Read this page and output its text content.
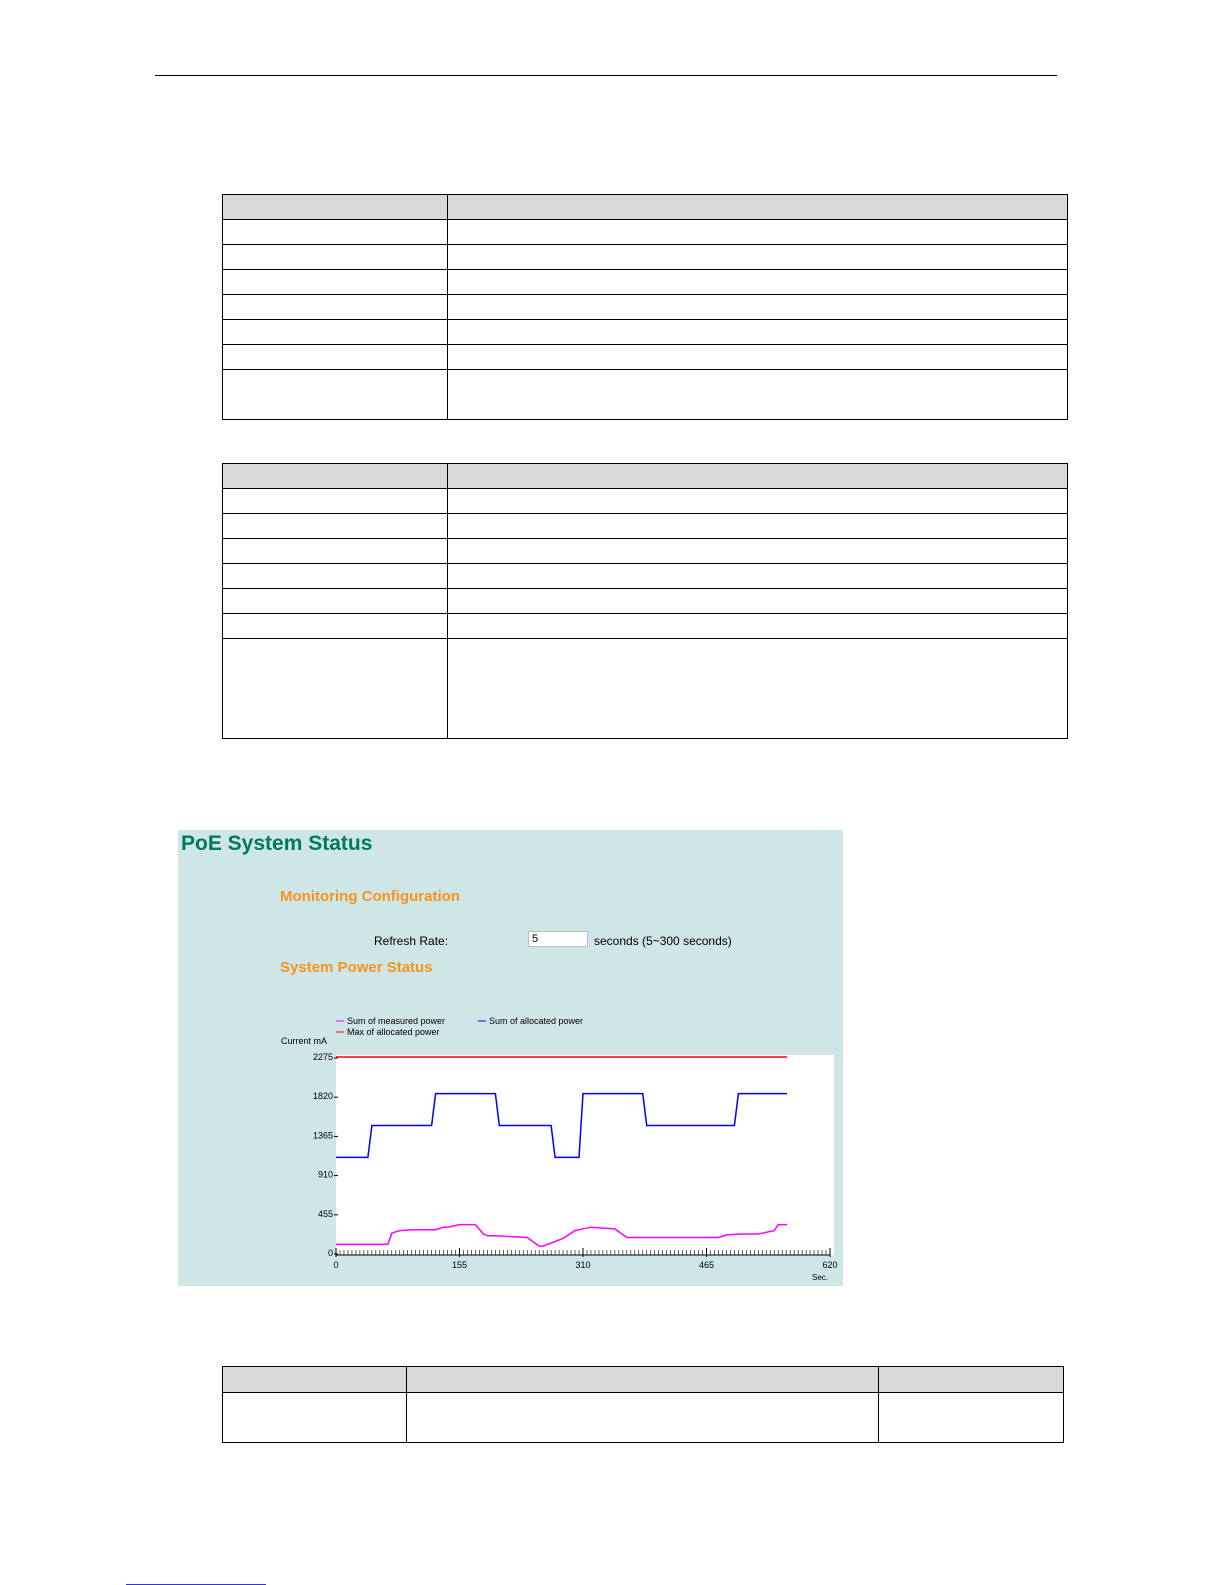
PoE System Status
Monitoring Configuration
Refresh Rate:
5	seconds (5~300 seconds)
System Power Status
Sum of measured power	Sum of allocated power
Max of allocated power
Current mA
Sec.
2275
1820
1365
910
455
0
0	155	310	465	620
